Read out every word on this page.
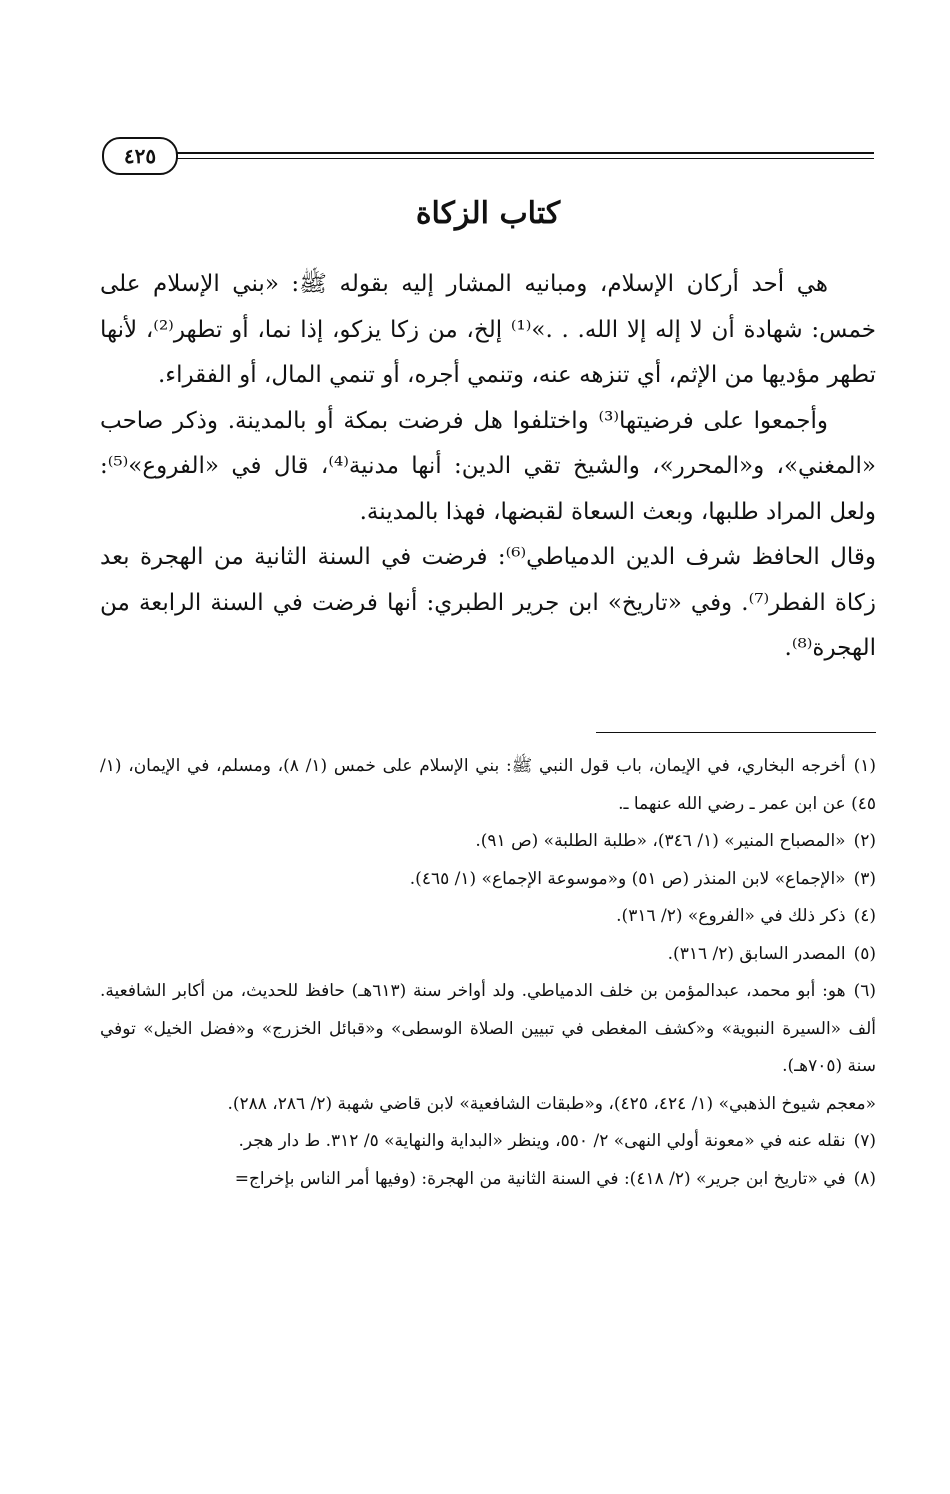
٤٢٥
كتاب الزكاة

هي أحد أركان الإسلام، ومبانيه المشار إليه بقوله ﷺ: «بني الإسلام على خمس: شهادة أن لا إله إلا الله. . .»⁽¹⁾ إلخ، من زكا يزكو، إذا نما، أو تطهر⁽²⁾، لأنها تطهر مؤديها من الإثم، أي تنزهه عنه، وتنمي أجره، أو تنمي المال، أو الفقراء.

وأجمعوا على فرضيتها⁽³⁾ واختلفوا هل فرضت بمكة أو بالمدينة. وذكر صاحب «المغني»، و«المحرر»، والشيخ تقي الدين: أنها مدنية⁽⁴⁾، قال في «الفروع»⁽⁵⁾: ولعل المراد طلبها، وبعث السعاة لقبضها، فهذا بالمدينة.

وقال الحافظ شرف الدين الدمياطي⁽⁶⁾: فرضت في السنة الثانية من الهجرة بعد زكاة الفطر⁽⁷⁾. وفي «تاريخ» ابن جرير الطبري: أنها فرضت في السنة الرابعة من الهجرة⁽⁸⁾.

(١)أخرجه البخاري، في الإيمان، باب قول النبي ﷺ: بني الإسلام على خمس (١/ ٨)، ومسلم، في الإيمان، (١/ ٤٥) عن ابن عمر ـ رضي الله عنهما ـ.

(٢)«المصباح المنير» (١/ ٣٤٦)، «طلبة الطلبة» (ص ٩١).

(٣)«الإجماع» لابن المنذر (ص ٥١) و«موسوعة الإجماع» (١/ ٤٦٥).

(٤)ذكر ذلك في «الفروع» (٢/ ٣١٦).

(٥)المصدر السابق (٢/ ٣١٦).

(٦)هو: أبو محمد، عبدالمؤمن بن خلف الدمياطي. ولد أواخر سنة (٦١٣هـ) حافظ للحديث، من أكابر الشافعية. ألف «السيرة النبوية» و«كشف المغطى في تبيين الصلاة الوسطى» و«قبائل الخزرج» و«فضل الخيل» توفي سنة (٧٠٥هـ).

«معجم شيوخ الذهبي» (١/ ٤٢٤، ٤٢٥)، و«طبقات الشافعية» لابن قاضي شهبة (٢/ ٢٨٦، ٢٨٨).

(٧)نقله عنه في «معونة أولي النهى» ٢/ ٥٥٠، وينظر «البداية والنهاية» ٥/ ٣١٢. ط دار هجر.

(٨)في «تاريخ ابن جرير» (٢/ ٤١٨): في السنة الثانية من الهجرة: (وفيها أمر الناس بإخراج=
